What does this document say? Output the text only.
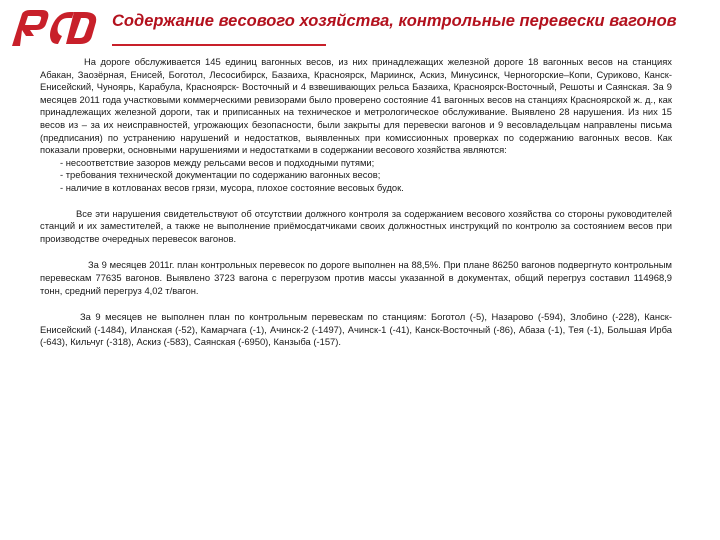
Содержание весового хозяйства, контрольные перевески вагонов

На дороге обслуживается 145 единиц вагонных весов, из них принадлежащих железной дороге 18 вагонных весов на станциях Абакан, Заозёрная, Енисей, Боготол, Лесосибирск, Базаиха, Красноярск, Мариинск, Аскиз, Минусинск, Черногорские–Копи, Суриково, Канск-Енисейский, Чуноярь, Карабула, Красноярск- Восточный и 4 взвешивающих рельса Базаиха, Красноярск-Восточный, Решоты и Саянская. За 9 месяцев 2011 года участковыми коммерческими ревизорами было проверено состояние 41 вагонных весов на станциях Красноярской ж. д., как принадлежащих железной дороги, так и приписанных на техническое и метрологическое обслуживание. Выявлено 28 нарушения. Из них 15 весов из – за их неисправностей, угрожающих безопасности, были закрыты для перевески вагонов и 9 весовладельцам направлены письма (предписания) по устранению нарушений и недостатков, выявленных при комиссионных проверках по содержанию вагонных весов. Как показали проверки, основными нарушениями и недостатками в содержании весового хозяйства являются:

- несоответствие зазоров между рельсами весов и подходными путями;

- требования технической документации по содержанию вагонных весов;

- наличие в котлованах весов грязи, мусора, плохое состояние весовых будок.

Все эти нарушения свидетельствуют об отсутствии должного контроля за содержанием весового хозяйства со стороны руководителей станций и их заместителей, а также не выполнение приёмосдатчиками своих должностных инструкций по контролю за состоянием весов при производстве очередных перевесок вагонов.

За 9 месяцев 2011г. план контрольных перевесок по дороге выполнен на 88,5%. При плане 86250 вагонов подвергнуто контрольным перевескам 77635 вагонов. Выявлено 3723 вагона с перегрузом против массы указанной в документах, общий перегруз составил 114968,9 тонн, средний перегруз 4,02 т/вагон.

За 9 месяцев не выполнен план по контрольным перевескам по станциям: Боготол (-5), Назарово (-594), Злобино (-228), Канск-Енисейский (-1484), Иланская (-52), Камарчага (-1), Ачинск-2 (-1497), Ачинск-1 (-41), Канск-Восточный (-86), Абаза (-1), Тея (-1), Большая Ирба (-643), Кильчуг (-318), Аскиз (-583), Саянская (-6950), Канзыба (-157).
